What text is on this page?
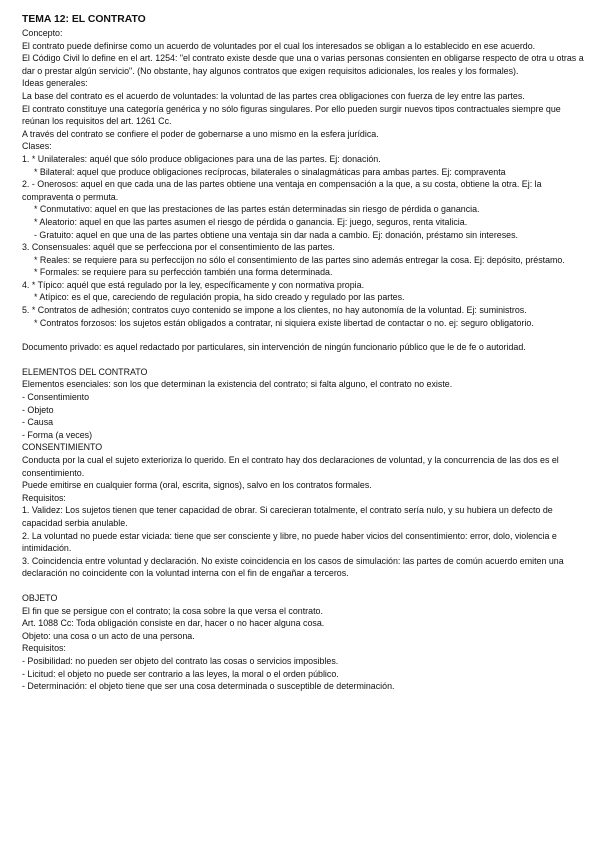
TEMA 12: EL CONTRATO

Concepto:

El contrato puede definirse como un acuerdo de voluntades por el cual los interesados se obligan a lo establecido en ese acuerdo.

El Código Civil lo define en el art. 1254: "el contrato existe desde que una o varias personas consienten en obligarse respecto de otra u otras a dar o prestar algún servicio". (No obstante, hay algunos contratos que exigen requisitos adicionales, los reales y los formales).

Ideas generales:

La base del contrato es el acuerdo de voluntades: la voluntad de las partes crea obligaciones con fuerza de ley entre las partes.

El contrato constituye una categoría genérica y no sólo figuras singulares. Por ello pueden surgir nuevos tipos contractuales siempre que reúnan los requisitos del art. 1261 Cc.

A través del contrato se confiere el poder de gobernarse a uno mismo en la esfera jurídica.

Clases:

1. * Unilaterales: aquél que sólo produce obligaciones para una de las partes. Ej: donación.

* Bilateral: aquel que produce obligaciones recíprocas, bilaterales o sinalagmáticas para ambas partes. Ej: compraventa

2. - Onerosos: aquel en que cada una de las partes obtiene una ventaja en compensación a la que, a su costa, obtiene la otra. Ej: la compraventa o permuta.

* Conmutativo: aquel en que las prestaciones de las partes están determinadas sin riesgo de pérdida o ganancia.

* Aleatorio: aquel en que las partes asumen el riesgo de pérdida o ganancia. Ej: juego, seguros, renta vitalicia.

- Gratuito: aquel en que una de las partes obtiene una ventaja sin dar nada a cambio. Ej: donación, préstamo sin intereses.

3. Consensuales: aquél que se perfecciona por el consentimiento de las partes.

* Reales: se requiere para su perfeccijon no sólo el consentimiento de las partes sino además entregar la cosa. Ej: depósito, préstamo.

* Formales: se requiere para su perfección también una forma determinada.

4. * Típico: aquél que está regulado por la ley, específicamente y con normativa propia.

* Atípico: es el que, careciendo de regulación propia, ha sido creado y regulado por las partes.

5. * Contratos de adhesión; contratos cuyo contenido se impone a los clientes, no hay autonomía de la voluntad. Ej: suministros.

* Contratos forzosos: los sujetos están obligados a contratar, ni siquiera existe libertad de contactar o no. ej: seguro obligatorio.

Documento privado: es aquel redactado por particulares, sin intervención de ningún funcionario público que le de fe o autoridad.

ELEMENTOS DEL CONTRATO

Elementos esenciales: son los que determinan la existencia del contrato; si falta alguno, el contrato no existe.

- Consentimiento

- Objeto

- Causa

- Forma (a veces)

CONSENTIMIENTO

Conducta por la cual el sujeto exterioriza lo querido. En el contrato hay dos declaraciones de voluntad, y la concurrencia de las dos es el consentimiento.

Puede emitirse en cualquier forma (oral, escrita, signos), salvo en los contratos formales.

Requisitos:

1. Validez: Los sujetos tienen que tener capacidad de obrar. Si carecieran totalmente, el contrato sería nulo, y su hubiera un defecto de capacidad serbia anulable.

2. La voluntad no puede estar viciada: tiene que ser consciente y libre, no puede haber vicios del consentimiento: error, dolo, violencia e intimidación.

3. Coincidencia entre voluntad y declaración. No existe coincidencia en los casos de simulación: las partes de común acuerdo emiten una declaración no coincidente con la voluntad interna con el fin de engañar a terceros.

OBJETO

El fin que se persigue con el contrato; la cosa sobre la que versa el contrato.

Art. 1088 Cc: Toda obligación consiste en dar, hacer o no hacer alguna cosa.

Objeto: una cosa o un acto de una persona.

Requisitos:

- Posibilidad: no pueden ser objeto del contrato las cosas o servicios imposibles.

- Licitud: el objeto no puede ser contrario a las leyes, la moral o el orden público.

- Determinación: el objeto tiene que ser una cosa determinada o susceptible de determinación.
